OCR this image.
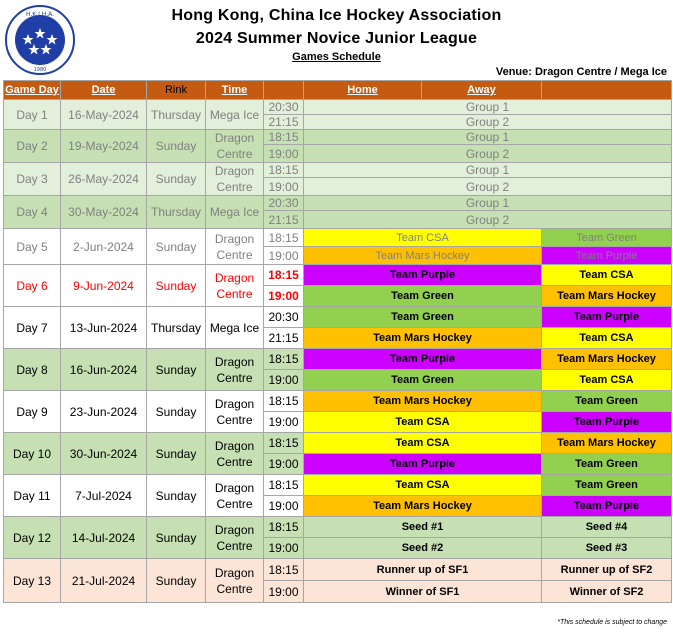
H.K.I.H.A.
1980
Hong Kong, China Ice Hockey Association
2024 Summer Novice Junior League
Games Schedule
Venue: Dragon Centre / Mega Ice
Game Day	Date	Rink	Time		Home	Away		
Day 1	16-May-2024	Thursday	Mega Ice	20:30	Group 1	
				21:15	Group 2			
Day 2	19-May-2024	Sunday	Dragon Centre	18:15	Group 1	
				19:00	Group 2			
Day 3	26-May-2024	Sunday	Dragon Centre	18:15	Group 1	
				19:00	Group 2			
Day 4	30-May-2024	Thursday	Mega Ice	20:30	Group 1	
				21:15	Group 2			
Day 5	2-Jun-2024	Sunday	Dragon Centre	18:15	Team CSA		Team Green	
				19:00	Team Mars Hockey		Team Purple	
Day 6	9-Jun-2024	Sunday	Dragon Centre	18:15	Team Purple		Team CSA	
				19:00	Team Green		Team Mars Hockey	
Day 7	13-Jun-2024	Thursday	Mega Ice	20:30	Team Green		Team Purple	
				21:15	Team Mars Hockey		Team CSA	
Day 8	16-Jun-2024	Sunday	Dragon Centre	18:15	Team Purple		Team Mars Hockey	
				19:00	Team Green		Team CSA	
Day 9	23-Jun-2024	Sunday	Dragon Centre	18:15	Team Mars Hockey		Team Green	
				19:00	Team CSA		Team Purple	
Day 10	30-Jun-2024	Sunday	Dragon Centre	18:15	Team CSA		Team Mars Hockey	
				19:00	Team Purple		Team Green	
Day 11	7-Jul-2024	Sunday	Dragon Centre	18:15	Team CSA		Team Green	
				19:00	Team Mars Hockey		Team Purple	
Day 12	14-Jul-2024	Sunday	Dragon Centre	18:15	Seed #1		Seed #4	
				19:00	Seed #2		Seed #3	
Day 13	21-Jul-2024	Sunday	Dragon Centre	18:15	Runner up of SF1		Runner up of SF2	
				19:00	Winner of SF1		Winner of SF2	
*This schedule is subject to change
